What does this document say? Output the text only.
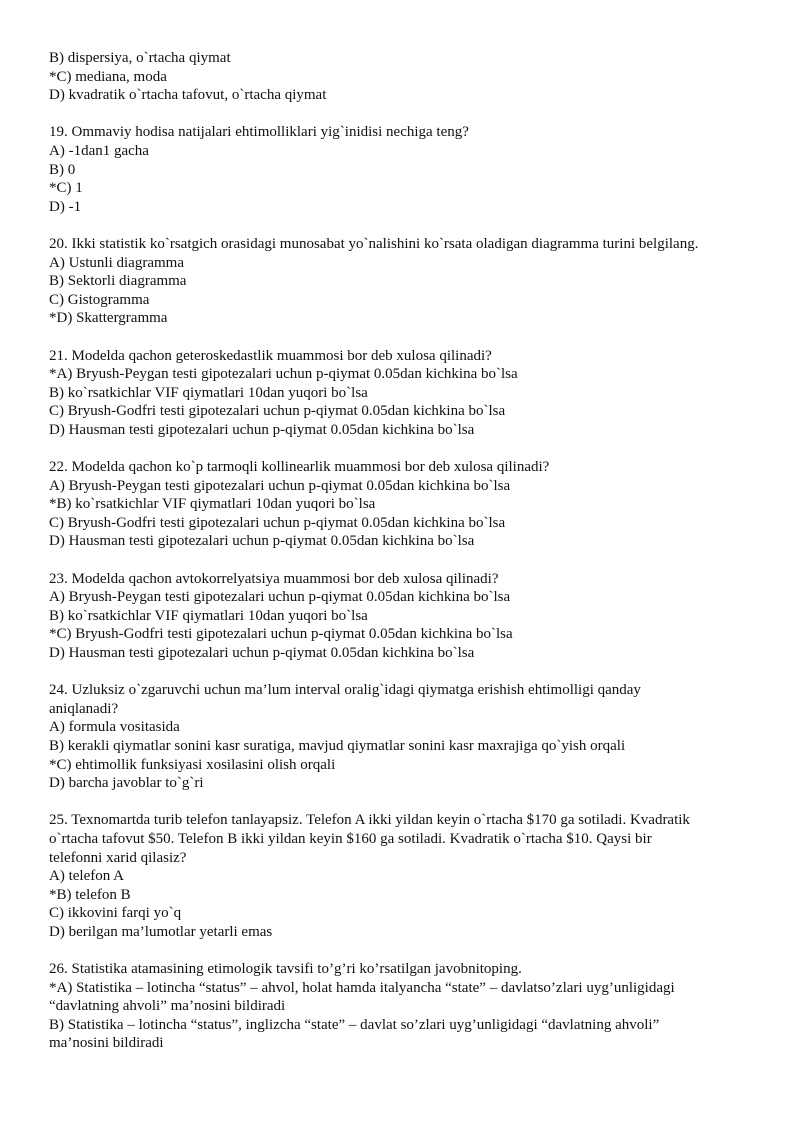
B) dispersiya, o`rtacha qiymat
*C) mediana, moda
D) kvadratik o`rtacha tafovut, o`rtacha qiymat
19. Ommaviy hodisa natijalari ehtimolliklari yig`inidisi nechiga teng?
A) -1dan1 gacha
B) 0
*C) 1
D) -1
20. Ikki statistik ko`rsatgich orasidagi munosabat yo`nalishini ko`rsata oladigan diagramma turini belgilang.
A) Ustunli diagramma
B) Sektorli diagramma
C) Gistogramma
*D) Skattergramma
21. Modelda qachon geteroskedastlik muammosi bor deb xulosa qilinadi?
*A) Bryush-Peygan testi gipotezalari uchun p-qiymat 0.05dan kichkina bo`lsa
B) ko`rsatkichlar VIF qiymatlari 10dan yuqori bo`lsa
C) Bryush-Godfri testi gipotezalari uchun p-qiymat 0.05dan kichkina bo`lsa
D) Hausman testi gipotezalari uchun p-qiymat 0.05dan kichkina bo`lsa
22. Modelda qachon ko`p tarmoqli kollinearlik muammosi bor deb xulosa qilinadi?
A) Bryush-Peygan testi gipotezalari uchun p-qiymat 0.05dan kichkina bo`lsa
*B) ko`rsatkichlar VIF qiymatlari 10dan yuqori bo`lsa
C) Bryush-Godfri testi gipotezalari uchun p-qiymat 0.05dan kichkina bo`lsa
D) Hausman testi gipotezalari uchun p-qiymat 0.05dan kichkina bo`lsa
23. Modelda qachon avtokorrelyatsiya muammosi bor deb xulosa qilinadi?
A) Bryush-Peygan testi gipotezalari uchun p-qiymat 0.05dan kichkina bo`lsa
B) ko`rsatkichlar VIF qiymatlari 10dan yuqori bo`lsa
*C) Bryush-Godfri testi gipotezalari uchun p-qiymat 0.05dan kichkina bo`lsa
D) Hausman testi gipotezalari uchun p-qiymat 0.05dan kichkina bo`lsa
24. Uzluksiz o`zgaruvchi uchun ma’lum interval oralig`idagi qiymatga erishish ehtimolligi qanday
aniqlanadi?
A) formula vositasida
B) kerakli qiymatlar sonini kasr suratiga, mavjud qiymatlar sonini kasr maxrajiga qo`yish orqali
*C) ehtimollik funksiyasi xosilasini olish orqali
D) barcha javoblar to`g`ri
25. Texnomartda turib telefon tanlayapsiz. Telefon A ikki yildan keyin o`rtacha $170 ga sotiladi. Kvadratik
o`rtacha tafovut $50. Telefon B ikki yildan keyin $160 ga sotiladi. Kvadratik o`rtacha $10. Qaysi bir
telefonni xarid qilasiz?
A) telefon A
*B) telefon B
C) ikkovini farqi yo`q
D) berilgan ma’lumotlar yetarli emas
26. Statistika atamasining etimologik tavsifi to’g’ri ko’rsatilgan javobnitoping.
*A) Statistika – lotincha “status” – ahvol, holat hamda italyancha “state” – davlatso’zlari uyg’unligidagi
“davlatning ahvoli” ma’nosini bildiradi
B) Statistika – lotincha “status”, inglizcha “state” – davlat so’zlari uyg’unligidagi “davlatning ahvoli”
ma’nosini bildiradi
